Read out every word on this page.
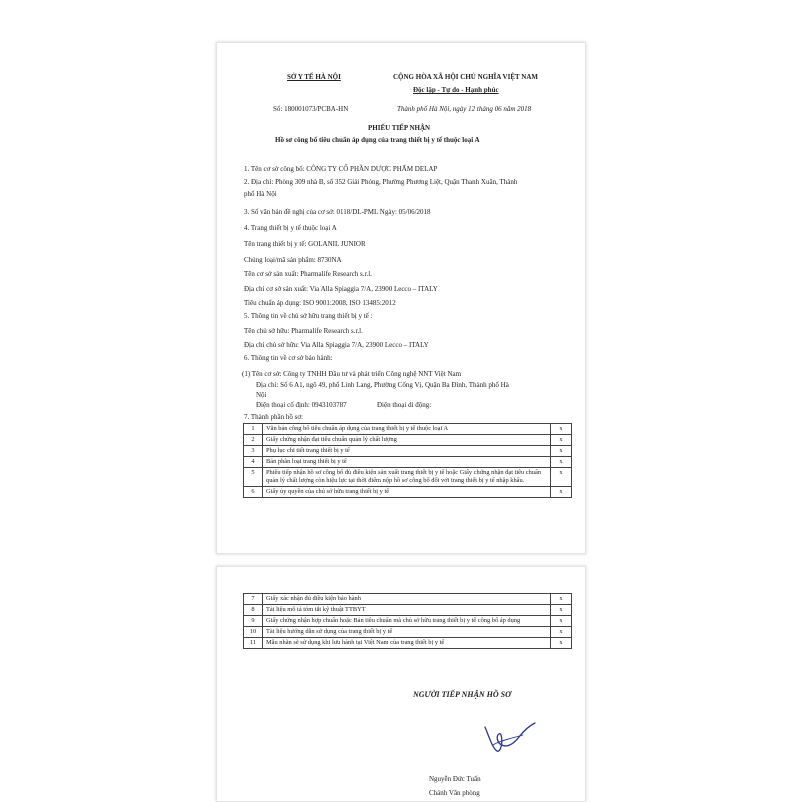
SỞ Y TẾ HÀ NỘI	CỘNG HÒA XÃ HỘI CHỦ NGHĨA VIỆT NAM
Độc lập - Tự do - Hạnh phúc
Số: 180001073/PCBA-HN	Thành phố Hà Nội, ngày 12 tháng 06 năm 2018
PHIẾU TIẾP NHẬN
Hồ sơ công bố tiêu chuẩn áp dụng của trang thiết bị y tế thuộc loại A
1. Tên cơ sở công bố: CÔNG TY CỔ PHẦN DƯỢC PHẨM DELAP
2. Địa chỉ: Phòng 309 nhà B, số 352 Giải Phóng, Phường Phương Liệt, Quận Thanh Xuân, Thành
phố Hà Nội
3. Số văn bản đề nghị của cơ sở: 0118/DL-PML Ngày: 05/06/2018
4. Trang thiết bị y tế thuộc loại A
Tên trang thiết bị y tế: GOLANIL JUNIOR
Chủng loại/mã sản phẩm: 8730NA
Tên cơ sở sản xuất: Pharmalife Research s.r.l.
Địa chỉ cơ sở sản xuất: Via Alla Spiaggia 7/A, 23900 Lecco – ITALY
Tiêu chuẩn áp dụng: ISO 9001:2008, ISO 13485:2012
5. Thông tin về chủ sở hữu trang thiết bị y tế :
Tên chủ sở hữu: Pharmalife Research s.r.l.
Địa chỉ chủ sở hữu: Via Alla Spiaggia 7/A, 23900 Lecco – ITALY
6. Thông tin về cơ sở bảo hành:
(1) Tên cơ sở: Công ty TNHH Đầu tư và phát triển Công nghệ NNT Việt Nam
Địa chỉ: Số 6 A1, ngõ 49, phố Linh Lang, Phường Cống Vị, Quận Ba Đình, Thành phố Hà
Nội
Điện thoại cố định: 0943103787	Điện thoại di động:
7. Thành phần hồ sơ:
1	Văn bản công bố tiêu chuẩn áp dụng của trang thiết bị y tế thuộc loại A	x
2	Giấy chứng nhận đạt tiêu chuẩn quản lý chất lượng	x
3	Phụ lục chi tiết trang thiết bị y tế	x
4	Bản phân loại trang thiết bị y tế	x
5	Phiếu tiếp nhận hồ sơ công bố đủ điều kiện sản xuất trang thiết bị y tế hoặc Giấy chứng nhận đạt tiêu chuẩn quản lý chất lượng còn hiệu lực tại thời điểm nộp hồ sơ công bố đối với trang thiết bị y tế nhập khẩu.	x
6	Giấy ủy quyền của chủ sở hữu trang thiết bị y tế	x
7	Giấy xác nhận đủ điều kiện bảo hành	x
8	Tài liệu mô tả tóm tắt kỹ thuật TTBYT	x
9	Giấy chứng nhận hợp chuẩn hoặc Bản tiêu chuẩn mà chủ sở hữu trang thiết bị y tế công bố áp dụng	x
10	Tài liệu hướng dẫn sử dụng của trang thiết bị y tế	x
11	Mẫu nhãn sẽ sử dụng khi lưu hành tại Việt Nam của trang thiết bị y tế	x
NGƯỜI TIẾP NHẬN HỒ SƠ
Nguyễn Đức Tuấn
Chánh Văn phòng
